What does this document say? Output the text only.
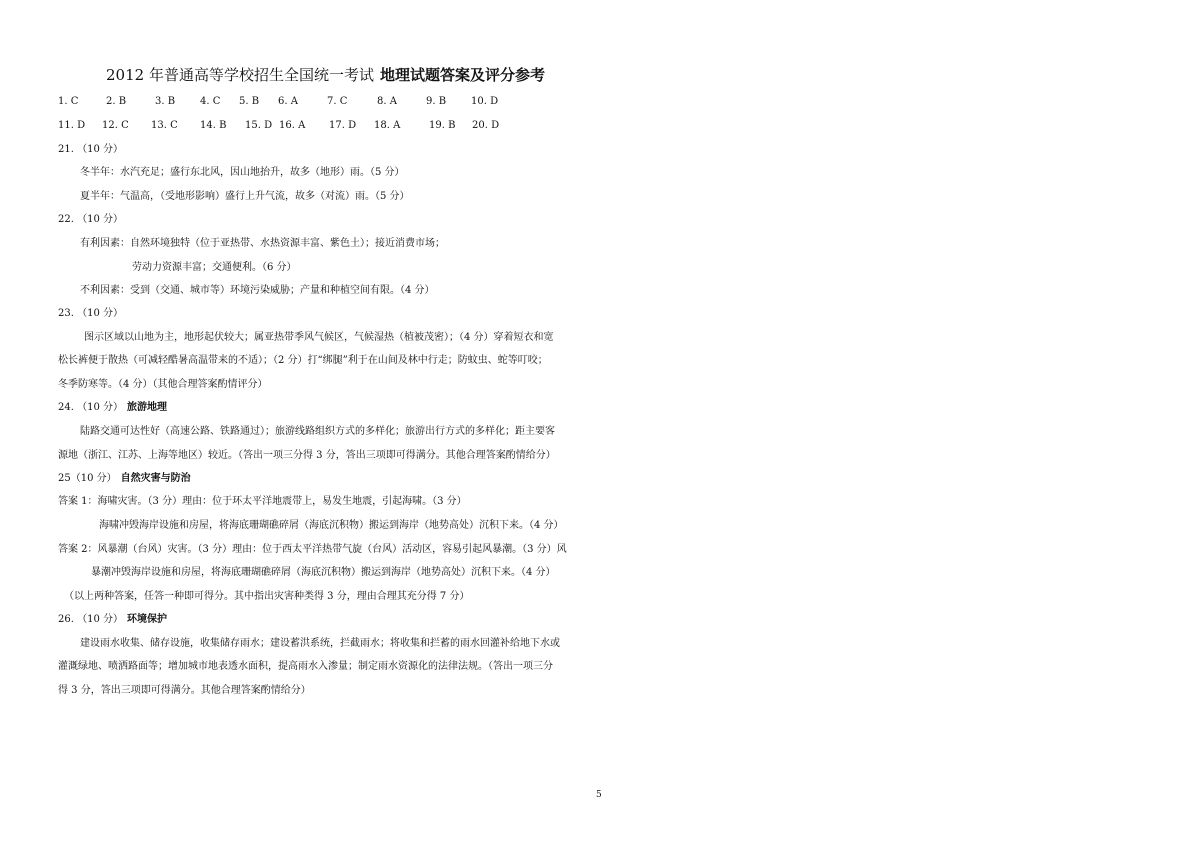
2012 年普通高等学校招生全国统一考试 地理试题答案及评分参考
1. C	2. B	3. B 4. C 5. B 6. A	7. C	8. A	9. B 10. D
11. D 12. C 13. C 14. B 15. D 16. A 17. D 18. A	19. B 20. D
21. （10 分）
冬半年：水汽充足；盛行东北风，因山地抬升，故多（地形）雨。（5 分）
夏半年：气温高，（受地形影响）盛行上升气流，故多（对流）雨。（5 分）
22. （10 分）
有利因素：自然环境独特（位于亚热带、水热资源丰富、紫色土）；接近消费市场；
劳动力资源丰富；交通便利。（6 分）
不利因素：受到（交通、城市等）环境污染威胁；产量和种植空间有限。（4 分）
23. （10 分）
图示区域以山地为主，地形起伏较大；属亚热带季风气候区，气候湿热（植被茂密）；（4 分）穿着短衣和宽
松长裤便于散热（可减轻酷暑高温带来的不适）；（2 分）打“绑腿”利于在山间及林中行走；防蚊虫、蛇等叮咬；
冬季防寒等。（4 分）（其他合理答案酌情评分）
24. （10 分） 旅游地理
陆路交通可达性好（高速公路、铁路通过）；旅游线路组织方式的多样化；旅游出行方式的多样化；距主要客
源地（浙江、江苏、上海等地区）较近。（答出一项三分得 3 分，答出三项即可得满分。其他合理答案酌情给分）
25（10 分） 自然灾害与防治
答案 1：海啸灾害。（3 分）理由：位于环太平洋地震带上，易发生地震，引起海啸。（3 分）
海啸冲毁海岸设施和房屋，将海底珊瑚礁碎屑（海底沉积物）搬运到海岸（地势高处）沉积下来。（4 分）
答案 2：风暴潮（台风）灾害。（3 分）理由：位于西太平洋热带气旋（台风）活动区，容易引起风暴潮。（3 分）风
暴潮冲毁海岸设施和房屋，将海底珊瑚礁碎屑（海底沉积物）搬运到海岸（地势高处）沉积下来。（4 分）
（以上两种答案，任答一种即可得分。其中指出灾害种类得 3 分，理由合理其充分得 7 分）
26. （10 分） 环境保护
建设雨水收集、储存设施，收集储存雨水；建设蓄洪系统，拦截雨水；将收集和拦蓄的雨水回灌补给地下水或
灌溉绿地、喷洒路面等；增加城市地表透水面积，提高雨水入渗量；制定雨水资源化的法律法规。（答出一项三分
得 3 分，答出三项即可得满分。其他合理答案酌情给分）
5
